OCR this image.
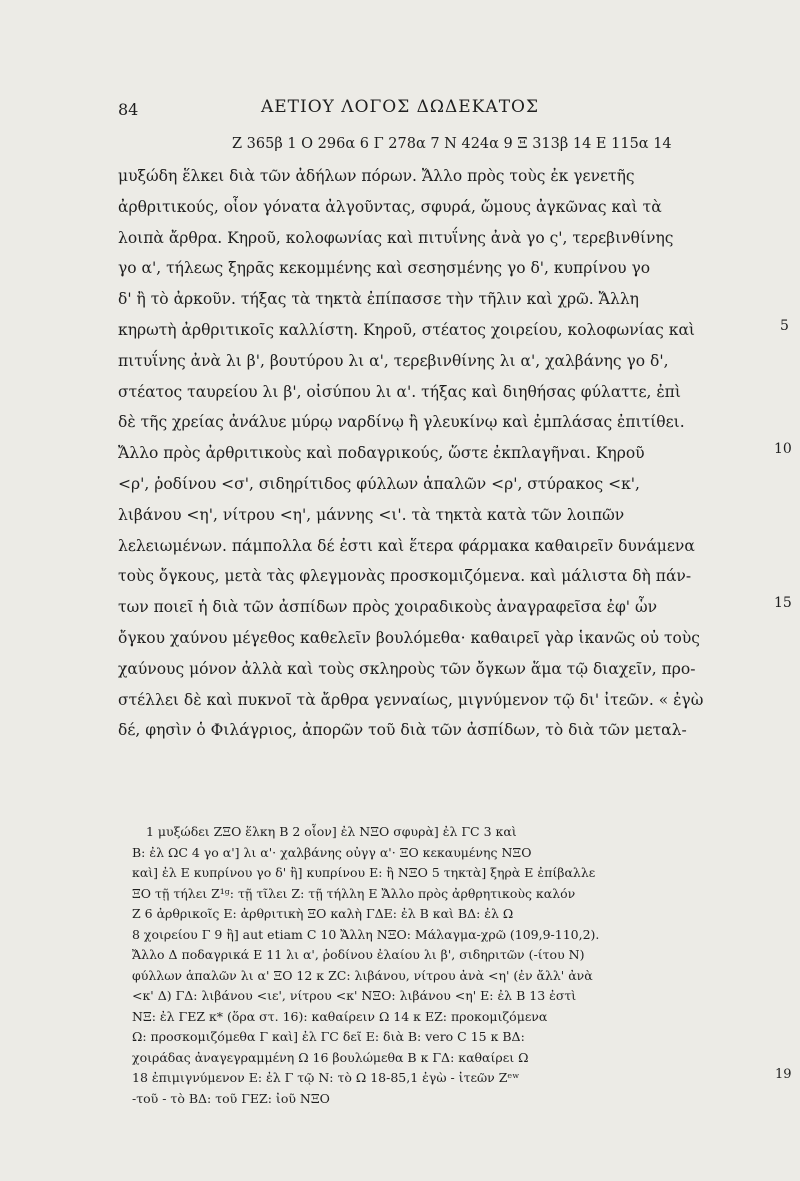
84	ΑΕΤΙΟΥ ΛΟΓΟΣ ΔΩΔΕΚΑΤΟΣ
Ζ 365β 1 Ο 296α 6 Γ 278α 7 Ν 424α 9 Ξ 313β 14 Ε 115α 14
μυξώδη ἕλκει διὰ τῶν ἀδήλων πόρων. Ἄλλο πρὸς τοὺς ἐκ γενετῆς
ἀρθριτικούς, οἷον γόνατα ἀλγοῦντας, σφυρά, ὤμους ἀγκῶνας καὶ τὰ
λοιπὰ ἄρθρα. Κηροῦ, κολοφωνίας καὶ πιτυΐνης ἀνὰ γο ς', τερεβινθίνης
γο α', τήλεως ξηρᾶς κεκομμένης καὶ σεσησμένης γο δ', κυπρίνου γο
δ' ἢ τὸ ἀρκοῦν. τήξας τὰ τηκτὰ ἐπίπασσε τὴν τῆλιν καὶ χρῶ. Ἄλλη
κηρωτὴ ἀρθριτικοῖς καλλίστη. Κηροῦ, στέατος χοιρείου, κολοφωνίας καὶ
πιτυΐνης ἀνὰ λι β', βουτύρου λι α', τερεβινθίνης λι α', χαλβάνης γο δ',
στέατος ταυρείου λι β', οἰσύπου λι α'. τήξας καὶ διηθήσας φύλαττε, ἐπὶ
δὲ τῆς χρείας ἀνάλυε μύρῳ ναρδίνῳ ἢ γλευκίνῳ καὶ ἐμπλάσας ἐπιτίθει.
Ἄλλο πρὸς ἀρθριτικοὺς καὶ ποδαγρικούς, ὥστε ἐκπλαγῆναι. Κηροῦ
<ρ', ῥοδίνου <σ', σιδηρίτιδος φύλλων ἁπαλῶν <ρ', στύρακος <κ',
λιβάνου <η', νίτρου <η', μάννης <ι'. τὰ τηκτὰ κατὰ τῶν λοιπῶν
λελειωμένων. πάμπολλα δέ ἐστι καὶ ἕτερα φάρμακα καθαιρεῖν δυνάμενα
τοὺς ὄγκους, μετὰ τὰς φλεγμονὰς προσκομιζόμενα. καὶ μάλιστα δὴ πάν-
των ποιεῖ ἡ διὰ τῶν ἀσπίδων πρὸς χοιραδικοὺς ἀναγραφεῖσα ἐφ' ὧν
ὄγκου χαύνου μέγεθος καθελεῖν βουλόμεθα· καθαιρεῖ γὰρ ἱκανῶς οὐ τοὺς
χαύνους μόνον ἀλλὰ καὶ τοὺς σκληροὺς τῶν ὄγκων ἅμα τῷ διαχεῖν, προ-
στέλλει δὲ καὶ πυκνοῖ τὰ ἄρθρα γενναίως, μιγνύμενον τῷ δι' ἰτεῶν. « ἐγὼ
δέ, φησὶν ὁ Φιλάγριος, ἀπορῶν τοῦ διὰ τῶν ἀσπίδων, τὸ διὰ τῶν μεταλ-
5
10
15
1 μυξώδει ΖΞΟ ἕλκη Β 2 οἷον] ἐλ ΝΞΟ σφυρὰ] ἐλ ΓC 3 καὶ
Β: ἐλ ΩC 4 γο α'] λι α'· χαλβάνης οὐγγ α'· ΞΟ κεκαυμένης ΝΞΟ
καὶ] ἐλ Ε κυπρίνου γο δ' ἢ] κυπρίνου Ε: ἢ ΝΞΟ 5 τηκτὰ] ξηρὰ Ε ἐπίβαλλε
ΞΟ τῇ τήλει Ζ¹ᵍ: τῇ τῖλει Ζ: τῇ τήλλη Ε Ἄλλο πρὸς ἀρθρητικοὺς καλόν
Ζ 6 ἀρθρικοῖς Ε: ἀρθριτικὴ ΞΟ καλὴ ΓΔΕ: ἐλ Β καὶ ΒΔ: ἐλ Ω
8 χοιρείου Γ 9 ἢ] aut etiam C 10 Ἄλλη ΝΞΟ: Μάλαγμα-χρῶ (109,9-110,2).
Ἄλλο Δ ποδαγρικά Ε 11 λι α', ῥοδίνου ἐλαίου λι β', σιδηριτῶν (-ίτου Ν)
φύλλων ἁπαλῶν λι α' ΞΟ 12 κ ΖC: λιβάνου, νίτρου ἀνὰ <η' (ἐν ἄλλ' ἀνὰ
<κ' Δ) ΓΔ: λιβάνου <ιε', νίτρου <κ' ΝΞΟ: λιβάνου <η' Ε: ἐλ Β 13 ἐστὶ
ΝΞ: ἐλ ΓΕΖ κ* (ὅρα στ. 16): καθαίρειν Ω 14 κ ΕΖ: προκομιζόμενα
Ω: προσκομιζόμεθα Γ καὶ] ἐλ ΓC δεῖ Ε: διὰ Β: vero C 15 κ ΒΔ:
χοιράδας ἀναγεγραμμένη Ω 16 βουλώμεθα Β κ ΓΔ: καθαίρει Ω
18 ἐπιμιγνύμενον Ε: ἐλ Γ τῷ Ν: τὸ Ω 18-85,1 ἐγὼ - ἰτεῶν Ζᵉʷ
-τοῦ - τὸ ΒΔ: τοῦ ΓΕΖ: ἰοῦ ΝΞΟ
19
